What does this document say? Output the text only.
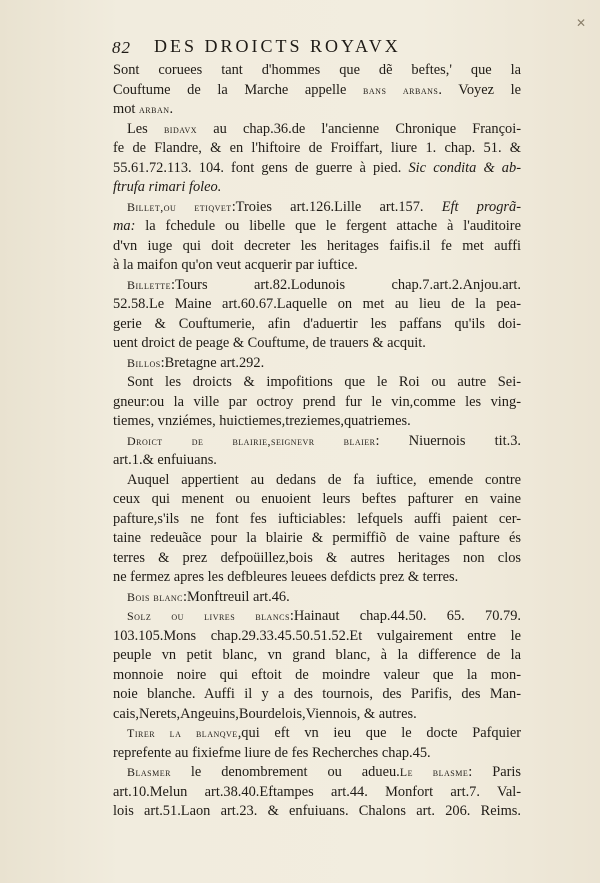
✕
82 DES DROICTS ROYAVX
Sont coruees tant d'hommes que dẽ beftes,' que la
Couftume de la Marche appelle bans arbans. Voyez le
mot arban.
Les bidavx au chap.36.de l'ancienne Chronique Françoi-
fe de Flandre, & en l'hiftoire de Froiffart, liure 1. chap. 51. &
55.61.72.113. 104. font gens de guerre à pied. Sic condita & ab-
ftrufa rimari foleo.
Billet,ou etiqvet:Troies art.126.Lille art.157. Eft progrã-
ma: la fchedule ou libelle que le fergent attache à l'auditoire
d'vn iuge qui doit decreter les heritages faifis.il fe met auffi
à la maifon qu'on veut acquerir par iuftice.
Billette:Tours art.82.Lodunois chap.7.art.2.Anjou.art.
52.58.Le Maine art.60.67.Laquelle on met au lieu de la pea-
gerie & Couftumerie, afin d'aduertir les paffans qu'ils doi-
uent droict de peage & Couftume, de trauers & acquit.
Billos:Bretagne art.292.
Sont les droicts & impofitions que le Roi ou autre Sei-
gneur:ou la ville par octroy prend fur le vin,comme les ving-
tiemes, vnziémes, huictiemes,treziemes,quatriemes.
Droict de blairie,seignevr blaier: Niuernois tit.3.
art.1.& enfuiuans.
Auquel appertient au dedans de fa iuftice, emende contre
ceux qui menent ou enuoient leurs beftes pafturer en vaine
pafture,s'ils ne font fes iufticiables: lefquels auffi paient cer-
taine redeuãce pour la blairie & permiffiõ de vaine pafture és
terres & prez defpoüillez,bois & autres heritages non clos
ne fermez apres les defbleures leuees defdicts prez & terres.
Bois blanc:Monftreuil art.46.
Solz ou livres blancs:Hainaut chap.44.50. 65. 70.79.
103.105.Mons chap.29.33.45.50.51.52.Et vulgairement entre le
peuple vn petit blanc, vn grand blanc, à la difference de la
monnoie noire qui eftoit de moindre valeur que la mon-
noie blanche. Auffi il y a des tournois, des Parifis, des Man-
cais,Nerets,Angeuins,Bourdelois,Viennois, & autres.
Tirer la blanqve,qui eft vn ieu que le docte Pafquier
reprefente au fixiefme liure de fes Recherches chap.45.
Blasmer le denombrement ou adueu.Le blasme: Paris
art.10.Melun art.38.40.Eftampes art.44. Monfort art.7. Val-
lois art.51.Laon art.23. & enfuiuans. Chalons art. 206. Reims.
